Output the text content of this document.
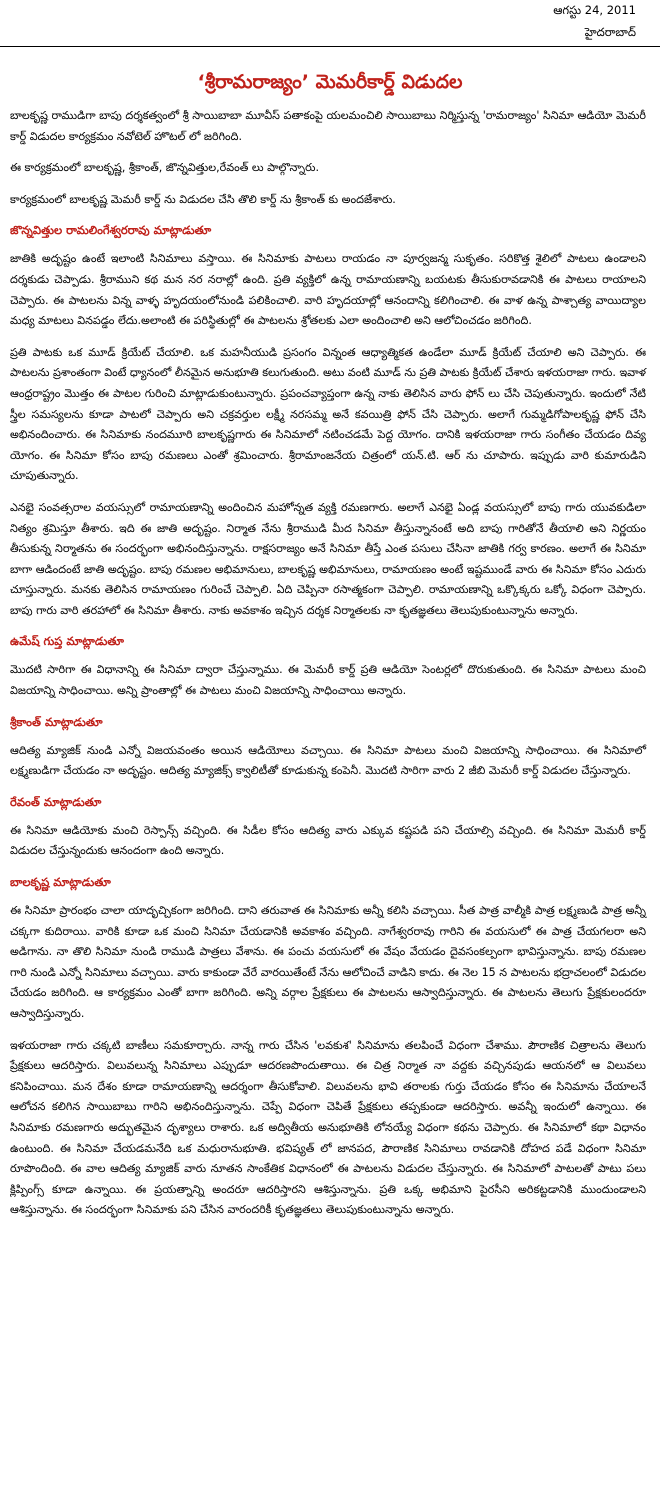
ఆగస్టు 24, 2011
హైదరాబాద్
‘శ్రీరామరాజ్యం’ మెమరీకార్డ్ విడుదల

బాలకృష్ణ రాముడిగా బాపు దర్శకత్వంలో శ్రీ సాయిబాబా మూవీస్ పతాకంపై యలమంచిలి సాయిబాబు నిర్మిస్తున్న 'రామరాజ్యం' సినిమా ఆడియో మెమరీ కార్డ్ విడుదల కార్యక్రమం నవోటెల్ హొటల్ లో జరిగింది.

ఈ కార్యక్రమంలో బాలకృష్ణ, శ్రీకాంత్, జొన్నవిత్తుల,రేవంత్ లు పాల్గొన్నారు.

కార్యక్రమంలో బాలకృష్ణ మెమరీ కార్డ్ ను విడుదల చేసి తొలి కార్డ్ ను శ్రీకాంత్ కు అందజేశారు.

జొన్నవిత్తుల రామలింగేశ్వరరావు మాట్లాడుతూ

జాతికి అదృష్టం ఉంటే ఇలాంటి సినిమాలు వస్తాయి. ఈ సినిమాకు పాటలు రాయడం నా పూర్వజన్మ సుకృతం. సరికొత్త శైలిలో పాటలు ఉండాలని దర్శకుడు చెప్పాడు. శ్రీరాముని కథ మన నర నరాల్లో ఉంది. ప్రతి వ్యక్తిలో ఉన్న రామాయణాన్ని బయటకు తీసుకురావడానికి ఈ పాటలు రాయాలని చెప్పారు. ఈ పాటలను విన్న వాళ్ళ హృదయంలోనుండి పలికించాలి. వారి హృదయాల్లో ఆనందాన్ని కలిగించాలి. ఈ వాళ ఉన్న పాశ్చాత్య వాయిద్యాల మధ్య మాటలు వినపడ్డం లేదు.అలాంటి ఈ పరిస్థితుల్లో ఈ పాటలను శ్రోతలకు ఎలా అందించాలి అని ఆలోచించడం జరిగింది.

ప్రతి పాటకు ఒక మూడ్ క్రియేట్ చేయాలి. ఒక మహనీయుడి ప్రసంగం విన్నంత ఆధ్యాత్మికత ఉండేలా మూడ్ క్రియేట్ చేయాలి అని చెప్పారు. ఈ పాటలను ప్రశాంతంగా వింటే ధ్యానంలో లీనమైన అనుభూతి కలుగుతుంది. అటు వంటి మూడ్ ను ప్రతి పాటకు క్రియేట్ చేశారు ఇళయరాజా గారు. ఇవాళ ఆంధ్రరాష్ట్రం మొత్తం ఈ పాటల గురించి మాట్లాడుకుంటున్నారు. ప్రపంచవ్యాప్తంగా ఉన్న నాకు తెలిసిన వారు ఫోన్ లు చేసి చెపుతున్నారు. ఇందులో నేటి స్త్రీల సమస్యలను కూడా పాటలో చెప్పారు అని చక్రవర్తుల లక్ష్మీ నరసమ్మ అనే కవయిత్రి ఫోన్ చేసి చెప్పారు. అలాగే గుమ్మడిగోపాలకృష్ణ ఫోన్ చేసి అభినందించారు. ఈ సినిమాకు నందమూరి బాలకృష్ణగారు ఈ సినిమాలో నటించడమే పెద్ద యోగం. దానికి ఇళయరాజా గారు సంగీతం చేయడం దివ్య యోగం. ఈ సినిమా కోసం బాపు రమణలు ఎంతో శ్రమించారు. శ్రీరామాంజనేయ చిత్రంలో యన్.టి. ఆర్ ను చూపారు. ఇప్పుడు వారి కుమారుడిని చూపుతున్నారు.

ఎనభై సంవత్సరాల వయస్సులో రామాయణాన్ని అందించిన మహోన్నత వ్యక్తి రమణగారు. అలాగే ఎనభై ఏండ్ల వయస్సులో బాపు గారు యువకుడిలా నిత్యం శ్రమిస్తూ తీశారు. ఇది ఈ జాతి అదృష్టం. నిర్మాత నేను శ్రీరాముడి మీద సినిమా తీస్తున్నానంటే అది బాపు గారితోనే తీయాలి అని నిర్ణయం తీసుకున్న నిర్మాతను ఈ సందర్భంగా అభినందిస్తున్నాను. రాక్షసరాజ్యం అనే సినిమా తీస్తే ఎంత పసులు చేసినా జాతికి గర్వ కారణం. అలాగే ఈ సినిమా బాగా ఆడిందంటే జాతి అదృష్టం. బాపు రమణల అభిమానులు, బాలకృష్ణ అభిమానులు, రామాయణం అంటే ఇష్టముండే వారు ఈ సినిమా కోసం ఎదురు చూస్తున్నారు. మనకు తెలిసిన రామాయణం గురించే చెప్పాలి. ఏది చెప్పినా రసాత్మకంగా చెప్పాలి. రామాయణాన్ని ఒక్కొక్కరు ఒక్కో విధంగా చెప్పారు. బాపు గారు వారి తరహాలో ఈ సినిమా తీశారు. నాకు అవకాశం ఇచ్చిన దర్శక నిర్మాతలకు నా కృతజ్ఞతలు తెలుపుకుంటున్నాను అన్నారు.

ఉమేష్ గుప్త మాట్లాడుతూ

మొదటి సారిగా ఈ విధానాన్ని ఈ సినిమా ద్వారా చేస్తున్నాము. ఈ మెమరీ కార్డ్ ప్రతి ఆడియో సెంటర్లలో దొరుకుతుంది. ఈ సినిమా పాటలు మంచి విజయాన్ని సాధించాయి. అన్ని ప్రాంతాల్లో ఈ పాటలు మంచి విజయాన్ని సాధించాయి అన్నారు.

శ్రీకాంత్ మాట్లాడుతూ

ఆదిత్య మ్యాజిక్ నుండి ఎన్నో విజయవంతం అయిన ఆడియోలు వచ్చాయి. ఈ సినిమా పాటలు మంచి విజయాన్ని సాధించాయి. ఈ సినిమాలో లక్ష్మణుడిగా చేయడం నా అదృష్టం. ఆదిత్య మ్యాజిక్స్ క్వాలిటీతో కూడుకున్న కంపెనీ. మొదటి సారిగా వారు 2 జీబి మెమరీ కార్డ్ విడుదల చేస్తున్నారు.

రేవంత్ మాట్లాడుతూ

ఈ సినిమా ఆడియోకు మంచి రెస్పాన్స్ వచ్చింది. ఈ సిడీల కోసం ఆదిత్య వారు ఎక్కువ కష్టపడి పని చేయాల్సి వచ్చింది. ఈ సినిమా మెమరీ కార్డ్ విడుదల చేస్తున్నందుకు ఆనందంగా ఉంది అన్నారు.

బాలకృష్ణ మాట్లాడుతూ

ఈ సినిమా ప్రారంభం చాలా యాదృచ్చికంగా జరిగింది. దాని తరువాత ఈ సినిమాకు అన్నీ కలిసి వచ్చాయి. సీత పాత్ర వాల్మీకి పాత్ర లక్ష్మణుడి పాత్ర అన్నీ చక్కగా కుదిరాయి. వారికి కూడా ఒక మంచి సినిమా చేయడానికి అవకాశం వచ్చింది. నాగేశ్వరరావు గారిని ఈ వయసులో ఈ పాత్ర చేయగలరా అని అడిగాను. నా తొలి సినిమా నుండి రాముడి పాత్రలు వేశాను. ఈ పంచు వయసులో ఈ వేషం వేయడం దైవసంకల్పంగా భావిస్తున్నాను. బాపు రమణల గారి నుండి ఎన్నో సినిమాలు వచ్చాయి. వారు కాకుండా వేరే వారయితేంటే నేను ఆలోచించే వాడిని కాదు. ఈ నెల 15 న పాటలను భద్రాచలంలో విడుదల చేయడం జరిగింది. ఆ కార్యక్రమం ఎంతో బాగా జరిగింది. అన్ని వర్గాల ప్రేక్షకులు ఈ పాటలను ఆస్వాదిస్తున్నారు. ఈ పాటలను తెలుగు ప్రేక్షకులందరూ ఆస్వాదిస్తున్నారు.

ఇళయరాజా గారు చక్కటి బాణీలు సమకూర్చారు. నాన్న గారు చేసిన 'లవకుశ' సినిమాను తలపించే విధంగా చేశాము. పౌరాణిక చిత్రాలను తెలుగు ప్రేక్షకులు ఆదరిస్తారు. విలువలున్న సినిమాలు ఎప్పుడూ ఆదరణపొందుతాయి. ఈ చిత్ర నిర్మాత నా వద్దకు వచ్చినపుడు ఆయనలో ఆ విలువలు కనిపించాయి. మన దేశం కూడా రామాయణాన్ని ఆదర్శంగా తీసుకోవాలి. విలువలను భావి తరాలకు గుర్తు చేయడం కోసం ఈ సినిమాను చేయాలనే ఆలోచన కలిగిన సాయిబాబు గారిని అభినందిస్తున్నాను. చెప్పే విధంగా చెపితే ప్రేక్షకులు తప్పకుండా ఆదరిస్తారు. అవన్నీ ఇందులో ఉన్నాయి. ఈ సినిమాకు రమణగారు అద్భుతమైన దృశ్యాలు రాశారు. ఒక అద్వితీయ అనుభూతికి లోనయ్యే విధంగా కథను చెప్పారు. ఈ సినిమాలో కథా విధానం ఉంటుంది. ఈ సినిమా చేయడమనేది ఒక మధురానుభూతి. భవిష్యత్ లో జానపద, పౌరాణిక సినిమాలు రావడానికి దోహద పడే విధంగా సినిమా రూపొందింది. ఈ వాల ఆదిత్య మ్యాజిక్ వారు నూతన సాంకేతిక విధానంలో ఈ పాటలను విడుదల చేస్తున్నారు. ఈ సినిమాలో పాటలతో పాటు పలు క్లిప్పింగ్స్ కూడా ఉన్నాయి. ఈ ప్రయత్నాన్ని అందరూ ఆదరిస్తారని ఆశిస్తున్నాను. ప్రతి ఒక్క అభిమాని పైరసీని అరికట్టడానికి ముందుండాలని ఆశిస్తున్నాను. ఈ సందర్భంగా సినిమాకు పని చేసిన వారందరికీ కృతజ్ఞతలు తెలుపుకుంటున్నాను అన్నారు.
